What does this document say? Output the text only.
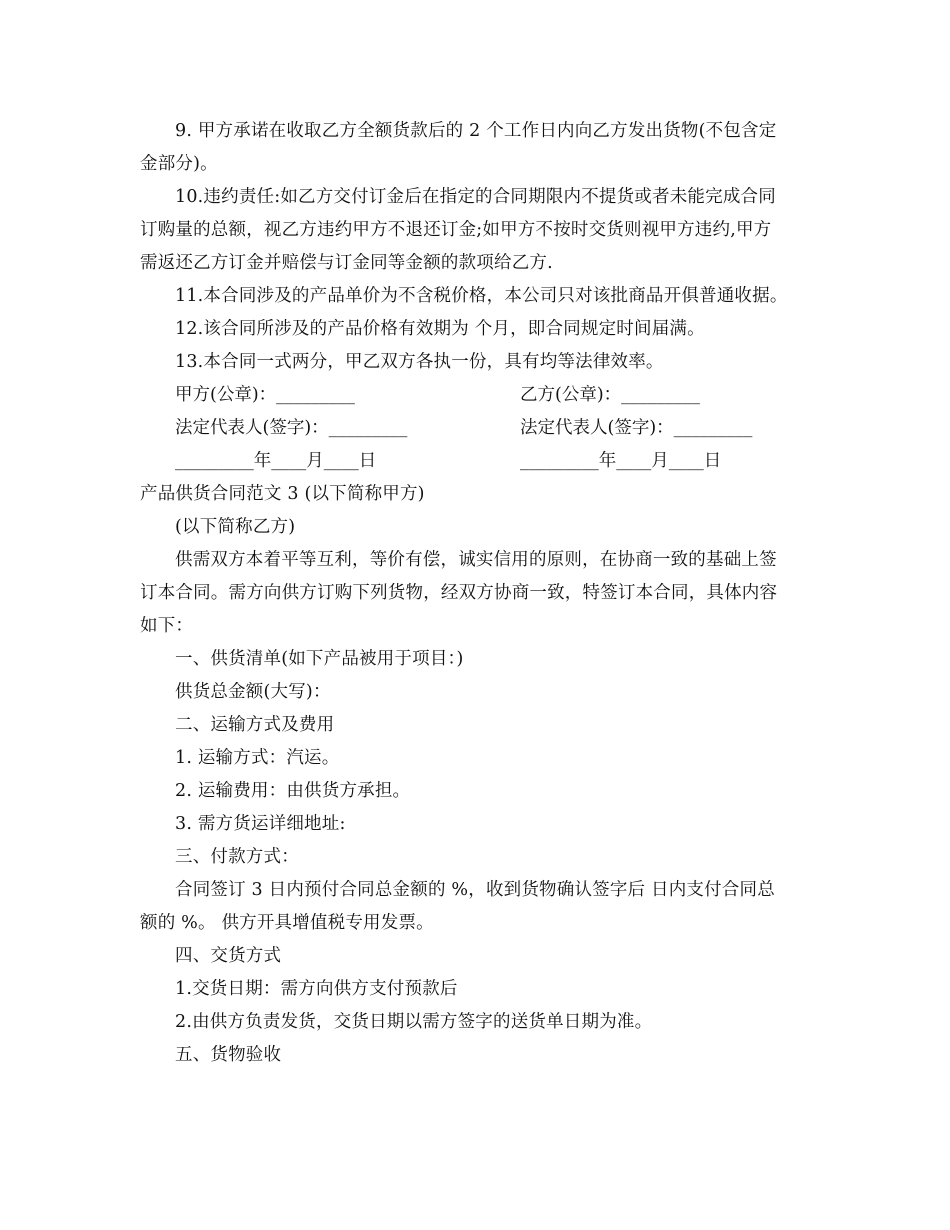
9. 甲方承诺在收取乙方全额货款后的 2 个工作日内向乙方发出货物(不包含定
金部分)。
10.违约责任:如乙方交付订金后在指定的合同期限内不提货或者未能完成合同
订购量的总额，视乙方违约甲方不退还订金;如甲方不按时交货则视甲方违约,甲方
需返还乙方订金并赔偿与订金同等金额的款项给乙方.
11.本合同涉及的产品单价为不含税价格，本公司只对该批商品开俱普通收据。
12.该合同所涉及的产品价格有效期为 个月，即合同规定时间届满。
13.本合同一式两分，甲乙双方各执一份，具有均等法律效率。
甲方(公章)：_________	乙方(公章)：_________
法定代表人(签字)：_________	法定代表人(签字)：_________
_________年____月____日	_________年____月____日
产品供货合同范文 3 (以下简称甲方)
(以下简称乙方)
供需双方本着平等互利，等价有偿，诚实信用的原则，在协商一致的基础上签
订本合同。需方向供方订购下列货物，经双方协商一致，特签订本合同，具体内容
如下：
一、供货清单(如下产品被用于项目：)
供货总金额(大写)：
二、运输方式及费用
1. 运输方式：汽运。
2. 运输费用：由供货方承担。
3. 需方货运详细地址:
三、付款方式：
合同签订 3 日内预付合同总金额的 %，收到货物确认签字后 日内支付合同总
额的 %。 供方开具增值税专用发票。
四、交货方式
1.交货日期：需方向供方支付预款后
2.由供方负责发货，交货日期以需方签字的送货单日期为准。
五、货物验收
